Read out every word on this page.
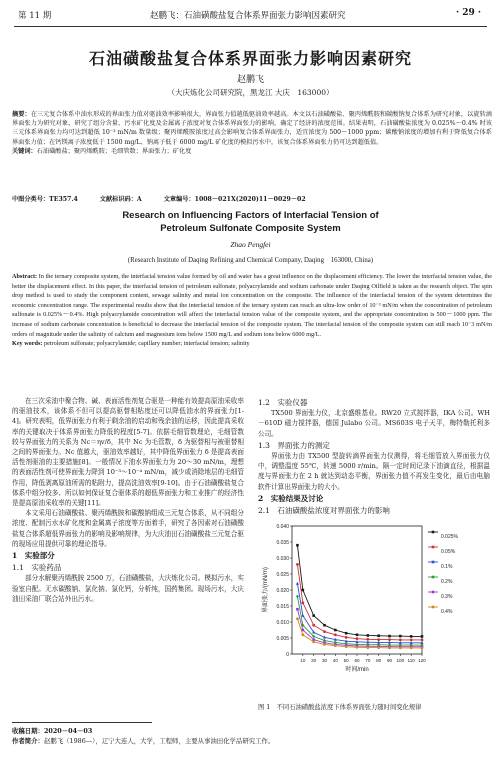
第 11 期	赵鹏飞：石油磺酸盐复合体系界面张力影响因素研究	· 29 ·
石油磺酸盐复合体系界面张力影响因素研究
赵鹏飞
（大庆炼化公司研究院，黑龙江 大庆　163000）
摘要：在三元复合体系中油水形成的界面张力值对驱油效率影响很大，界面张力值越低驱油效率越高。本文以石油磺酸盐、聚丙烯酰胺和碳酸钠复合体系为研究对象，以旋转滴界面张力为研究对象，研究了组分含量、污水矿化度及金属离子浓度对复合体系界面张力的影响，确定了经济的浓度范围。结果表明，石油磺酸盐浓度为 0.025%～0.4% 时该三元体系界面张力均可达到超低 10⁻³ mN/m 数量级；聚丙烯酰胺浓度过高会影响复合体系界面张力，适宜浓度为 500～1000 ppm；碳酸钠浓度的增加有利于降低复合体系界面张力值；在钙镁离子浓度低于 1500 mg/L、钠离子低于 6000 mg/L 矿化度的模拟污水中，该复合体系界面张力仍可达到超低值。
关键词：石油磺酸盐；聚丙烯酰胺；毛细管数；界面张力；矿化度
中图分类号：TE357.4	文献标识码：A	文章编号：1008－021X(2020)11－0029－02
Research on Influencing Factors of Interfacial Tension of
Petroleum Sulfonate Composite System
Zhao Pengfei
(Research Institute of Daqing Refining and Chemical Company, Daqing　163000, China)
Abstract: In the ternary composite system, the interfacial tension value formed by oil and water has a great influence on the displacement efficiency. The lower the interfacial tension value, the better the displacement effect. In this paper, the interfacial tension of petroleum sulfonate, polyacrylamide and sodium carbonate under Daqing Oilfield is taken as the research object. The spin drop method is used to study the component content, sewage salinity and metal ion concentration on the composite. The influence of the interfacial tension of the system determines the economic concentration range. The experimental results show that the interfacial tension of the ternary system can reach an ultra-low order of 10⁻³ mN/m when the concentration of petroleum sulfonate is 0.025%～0.4%. High polyacrylamide concentration will affect the interfacial tension value of the composite system, and the appropriate concentration is 500～1000 ppm. The increase of sodium carbonate concentration is beneficial to decrease the interfacial tension of the composite system. The interfacial tension of the composite system can still reach 10⁻3 mN/m orders of magnitude under the salinity of calcium and magnesium ions below 1500 mg/L and sodium ions below 6000 mg/L.
Key words: petroleum sulfonate; polyacrylamide; capillary number; interfacial tension; salinity

在三次采油中聚合物、碱、表面活性剂复合驱是一种能有效提高原油采收率的驱油技术，该体系不但可以提高驱替相粘度还可以降低油水的界面张力[1-4]。研究表明，低界面张力有利于剩余油的启动和残余油的运移，因此提高采收率的关键取决于体系界面张力降低的程度[5-7]。依据毛细管数理论，毛细管数较与界面张力的关系为 Nc＝ηv/δ，其中 Nc 为毛管数，δ 为驱替相与被驱替相之间的界面张力。Nc 值越大，驱油效率越好，其中降低界面张力 δ 是提高表面活性剂驱油的主要措施[8]。一般情况下油水界面张力为 20～30 mN/m，理想的表面活性剂可使界面张力降到 10⁻³～10⁻⁴ mN/m，减少或消除地层的毛细管作用，降低剥离原油所需的粘附力，提高洗油效率[9-10]。由于石油磺酸盐复合体系中组分较多、所以如何保证复合驱体系的超低界面张力和工业推广的经济性是提高原油采收率的关键[11]。

本文采用石油磺酸盐、聚丙烯酰胺和碳酸钠组成三元复合体系，从不同组分浓度、配制污水水矿化度和金属离子浓度等方面着手，研究了各因素对石油磺酸盐复合体系超低界面张力的影响及影响规律，为大庆油田石油磺酸盐三元复合驱的现场应用提供可靠的理论指导。

1　实验部分

1.1　实验药品

部分水解聚丙烯酰胺 2500 万，石油磺酸盐，大庆炼化公司。模拟污水，实验室自配。无水碳酸钠、氯化钠、氯化钙，分析纯，国药集团。现场污水，大庆油田采油厂联合站外出污水。

1.2　实验仪器

TX500 界面张力仪，北京盛维基业。RW20 立式搅拌器，IKA 公司。WH－610D 磁力搅拌器，德国 Julabo 公司。MS603S 电子天平，梅特勒托利多公司。

1.3　界面张力的测定

界面张力由 TX500 型旋转滴界面张力仪测得，将毛细管放入界面张力仪中，调整温度 55℃，转速 5000 r/min。隔一定时间记录下油滴直径，根据温度与界面张力在 2 h 就达到动态平衡，界面张力值不再发生变化，最后由电脑软件计算出界面张力的大小。

2　实验结果及讨论

2.1　石油磺酸盐浓度对界面张力的影响

0
0.005
0.010
0.015
0.020
0.025
0.030
0.035
0.040
10 20 30 40 50 60 70 80 90 100 110 120
时间/min
界面张力/(mN/m)
0.025%
0.05%
0.1%
0.2%
0.3%
0.4%
图 1　不同石油磺酸盐浓度下体系界面张力随时间变化规律
收稿日期：2020－04－03
作者简介：赵鹏飞（1986—），辽宁大连人，大学，工程师，主要从事油田化学品研究工作。
